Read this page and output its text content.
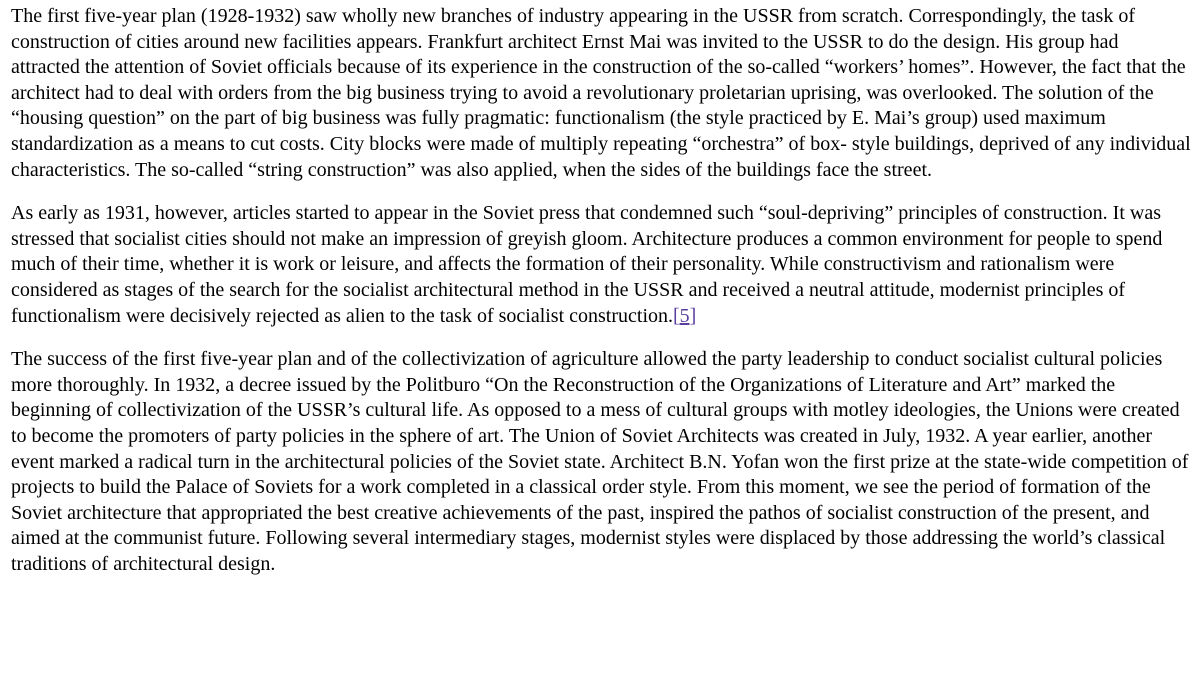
The first five-year plan (1928-1932) saw wholly new branches of industry appearing in the USSR from scratch. Correspondingly, the task of construction of cities around new facilities appears. Frankfurt architect Ernst Mai was invited to the USSR to do the design. His group had attracted the attention of Soviet officials because of its experience in the construction of the so-called “workers’ homes”. However, the fact that the architect had to deal with orders from the big business trying to avoid a revolutionary proletarian uprising, was overlooked. The solution of the “housing question” on the part of big business was fully pragmatic: functionalism (the style practiced by E. Mai’s group) used maximum standardization as a means to cut costs. City blocks were made of multiply repeating “orchestra” of box- style buildings, deprived of any individual characteristics. The so-called “string construction” was also applied, when the sides of the buildings face the street.

As early as 1931, however, articles started to appear in the Soviet press that condemned such “soul-depriving” principles of construction. It was stressed that socialist cities should not make an impression of greyish gloom. Architecture produces a common environment for people to spend much of their time, whether it is work or leisure, and affects the formation of their personality. While constructivism and rationalism were considered as stages of the search for the socialist architectural method in the USSR and received a neutral attitude, modernist principles of functionalism were decisively rejected as alien to the task of socialist construction.[5]

The success of the first five-year plan and of the collectivization of agriculture allowed the party leadership to conduct socialist cultural policies more thoroughly. In 1932, a decree issued by the Politburo “On the Reconstruction of the Organizations of Literature and Art” marked the beginning of collectivization of the USSR’s cultural life. As opposed to a mess of cultural groups with motley ideologies, the Unions were created to become the promoters of party policies in the sphere of art. The Union of Soviet Architects was created in July, 1932. A year earlier, another event marked a radical turn in the architectural policies of the Soviet state. Architect B.N. Yofan won the first prize at the state-wide competition of projects to build the Palace of Soviets for a work completed in a classical order style. From this moment, we see the period of formation of the Soviet architecture that appropriated the best creative achievements of the past, inspired the pathos of socialist construction of the present, and aimed at the communist future. Following several intermediary stages, modernist styles were displaced by those addressing the world’s classical traditions of architectural design.
